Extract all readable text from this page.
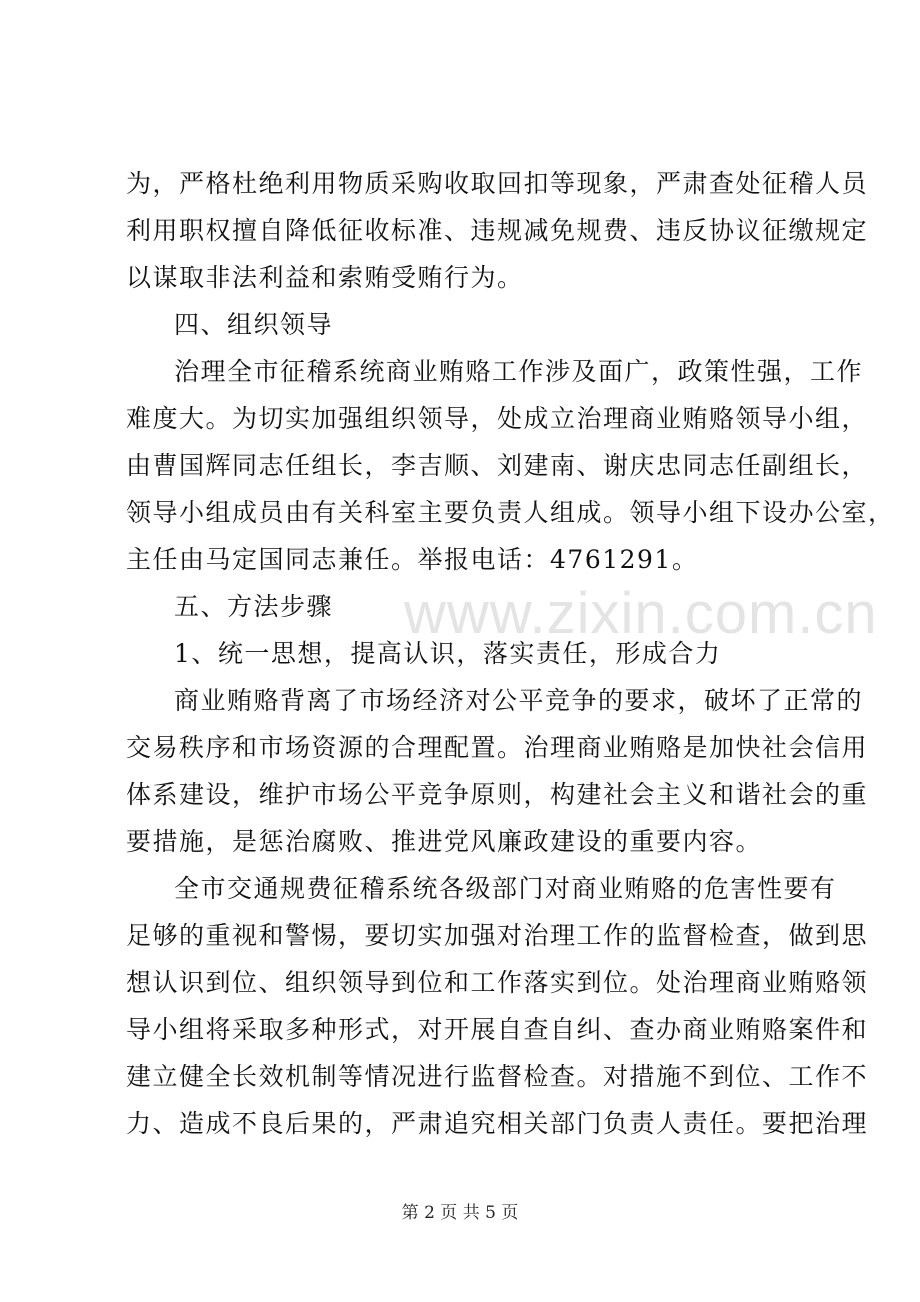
www.zixin.com.cn
为，严格杜绝利用物质采购收取回扣等现象，严肃查处征稽人员
利用职权擅自降低征收标准、违规减免规费、违反协议征缴规定
以谋取非法利益和索贿受贿行为。
四、组织领导
治理全市征稽系统商业贿赂工作涉及面广，政策性强，工作
难度大。为切实加强组织领导，处成立治理商业贿赂领导小组，
由曹国辉同志任组长，李吉顺、刘建南、谢庆忠同志任副组长，
领导小组成员由有关科室主要负责人组成。领导小组下设办公室，
主任由马定国同志兼任。举报电话：4761291。
五、方法步骤
1、统一思想，提高认识，落实责任，形成合力
商业贿赂背离了市场经济对公平竞争的要求，破坏了正常的
交易秩序和市场资源的合理配置。治理商业贿赂是加快社会信用
体系建设，维护市场公平竞争原则，构建社会主义和谐社会的重
要措施，是惩治腐败、推进党风廉政建设的重要内容。
全市交通规费征稽系统各级部门对商业贿赂的危害性要有
足够的重视和警惕，要切实加强对治理工作的监督检查，做到思
想认识到位、组织领导到位和工作落实到位。处治理商业贿赂领
导小组将采取多种形式，对开展自查自纠、查办商业贿赂案件和
建立健全长效机制等情况进行监督检查。对措施不到位、工作不
力、造成不良后果的，严肃追究相关部门负责人责任。要把治理
第 2 页 共 5 页
